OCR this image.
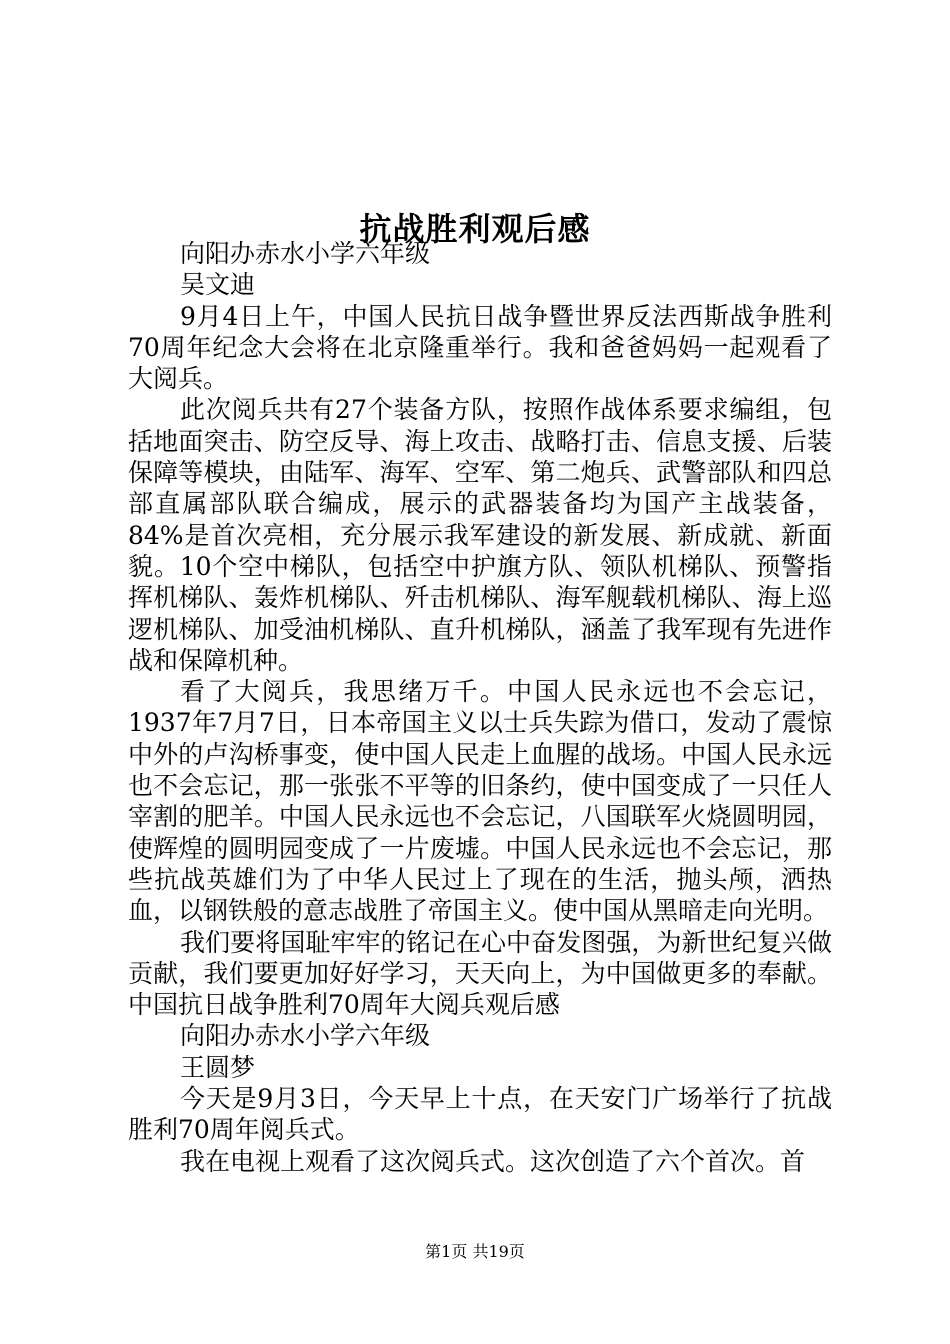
抗战胜利观后感

向阳办赤水小学六年级

吴文迪

9月4日上午，中国人民抗日战争暨世界反法西斯战争胜利70周年纪念大会将在北京隆重举行。我和爸爸妈妈一起观看了大阅兵。

此次阅兵共有27个装备方队，按照作战体系要求编组，包括地面突击、防空反导、海上攻击、战略打击、信息支援、后装保障等模块，由陆军、海军、空军、第二炮兵、武警部队和四总部直属部队联合编成，展示的武器装备均为国产主战装备，84%是首次亮相，充分展示我军建设的新发展、新成就、新面貌。10个空中梯队，包括空中护旗方队、领队机梯队、预警指挥机梯队、轰炸机梯队、歼击机梯队、海军舰载机梯队、海上巡逻机梯队、加受油机梯队、直升机梯队，涵盖了我军现有先进作战和保障机种。

看了大阅兵，我思绪万千。中国人民永远也不会忘记，1937年7月7日，日本帝国主义以士兵失踪为借口，发动了震惊中外的卢沟桥事变，使中国人民走上血腥的战场。中国人民永远也不会忘记，那一张张不平等的旧条约，使中国变成了一只任人宰割的肥羊。中国人民永远也不会忘记，八国联军火烧圆明园，使辉煌的圆明园变成了一片废墟。中国人民永远也不会忘记，那些抗战英雄们为了中华人民过上了现在的生活，抛头颅，洒热血，以钢铁般的意志战胜了帝国主义。使中国从黑暗走向光明。

我们要将国耻牢牢的铭记在心中奋发图强，为新世纪复兴做贡献，我们要更加好好学习，天天向上，为中国做更多的奉献。中国抗日战争胜利70周年大阅兵观后感

向阳办赤水小学六年级

王圆梦

今天是9月3日，今天早上十点，在天安门广场举行了抗战胜利70周年阅兵式。

我在电视上观看了这次阅兵式。这次创造了六个首次。首

第1页 共19页
